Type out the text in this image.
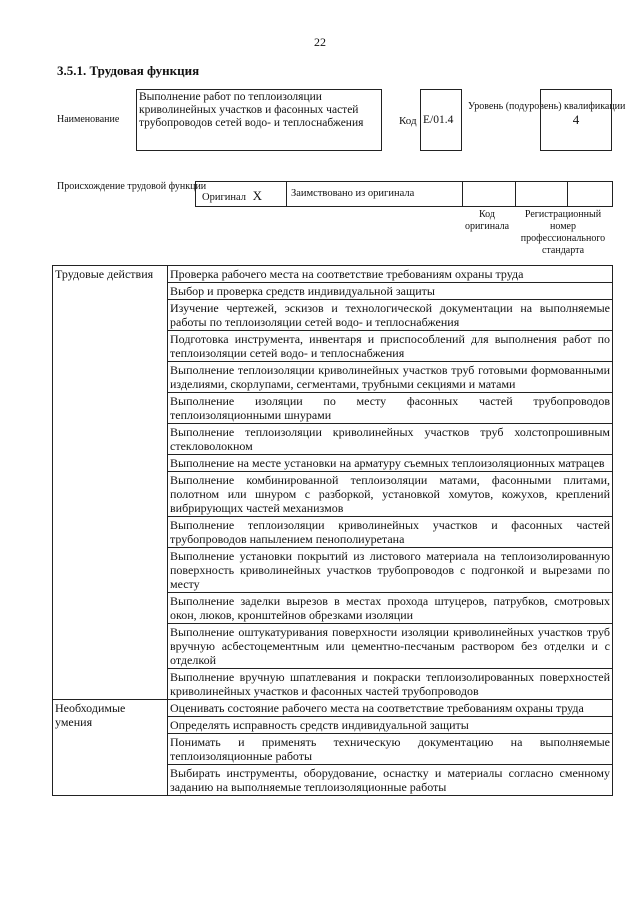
22
3.5.1. Трудовая функция
Наименование
Выполнение работ по теплоизоляции криволинейных участков и фасонных частей трубопроводов сетей водо- и теплоснабжения	Код E/01.4
Уровень (подуровень) квалификации
4
Происхождение трудовой функции
Оригинал X	Заимствовано из оригинала
Код оригинала
Регистрационный номер профессионального стандарта
Трудовые действия	Проверка рабочего места на соответствие требованиям охраны труда
	Выбор и проверка средств индивидуальной защиты
	Изучение чертежей, эскизов и технологической документации на выполняемые работы по теплоизоляции сетей водо- и теплоснабжения
	Подготовка инструмента, инвентаря и приспособлений для выполнения работ по теплоизоляции сетей водо- и теплоснабжения
	Выполнение теплоизоляции криволинейных участков труб готовыми формованными изделиями, скорлупами, сегментами, трубными секциями и матами
	Выполнение изоляции по месту фасонных частей трубопроводов теплоизоляционными шнурами
	Выполнение теплоизоляции криволинейных участков труб холстопрошивным стекловолокном
	Выполнение на месте установки на арматуру съемных теплоизоляционных матрацев
	Выполнение комбинированной теплоизоляции матами, фасонными плитами, полотном или шнуром с разборкой, установкой хомутов, кожухов, креплений вибрирующих частей механизмов
	Выполнение теплоизоляции криволинейных участков и фасонных частей трубопроводов напылением пенополиуретана
	Выполнение установки покрытий из листового материала на теплоизолированную поверхность криволинейных участков трубопроводов с подгонкой и вырезами по месту
	Выполнение заделки вырезов в местах прохода штуцеров, патрубков, смотровых окон, люков, кронштейнов обрезками изоляции
	Выполнение оштукатуривания поверхности изоляции криволинейных участков труб вручную асбестоцементным или цементно-песчаным раствором без отделки и с отделкой
	Выполнение вручную шпатлевания и покраски теплоизолированных поверхностей криволинейных участков и фасонных частей трубопроводов
Необходимые умения	Оценивать состояние рабочего места на соответствие требованиям охраны труда
	Определять исправность средств индивидуальной защиты
	Понимать и применять техническую документацию на выполняемые теплоизоляционные работы
	Выбирать инструменты, оборудование, оснастку и материалы согласно сменному заданию на выполняемые теплоизоляционные работы
